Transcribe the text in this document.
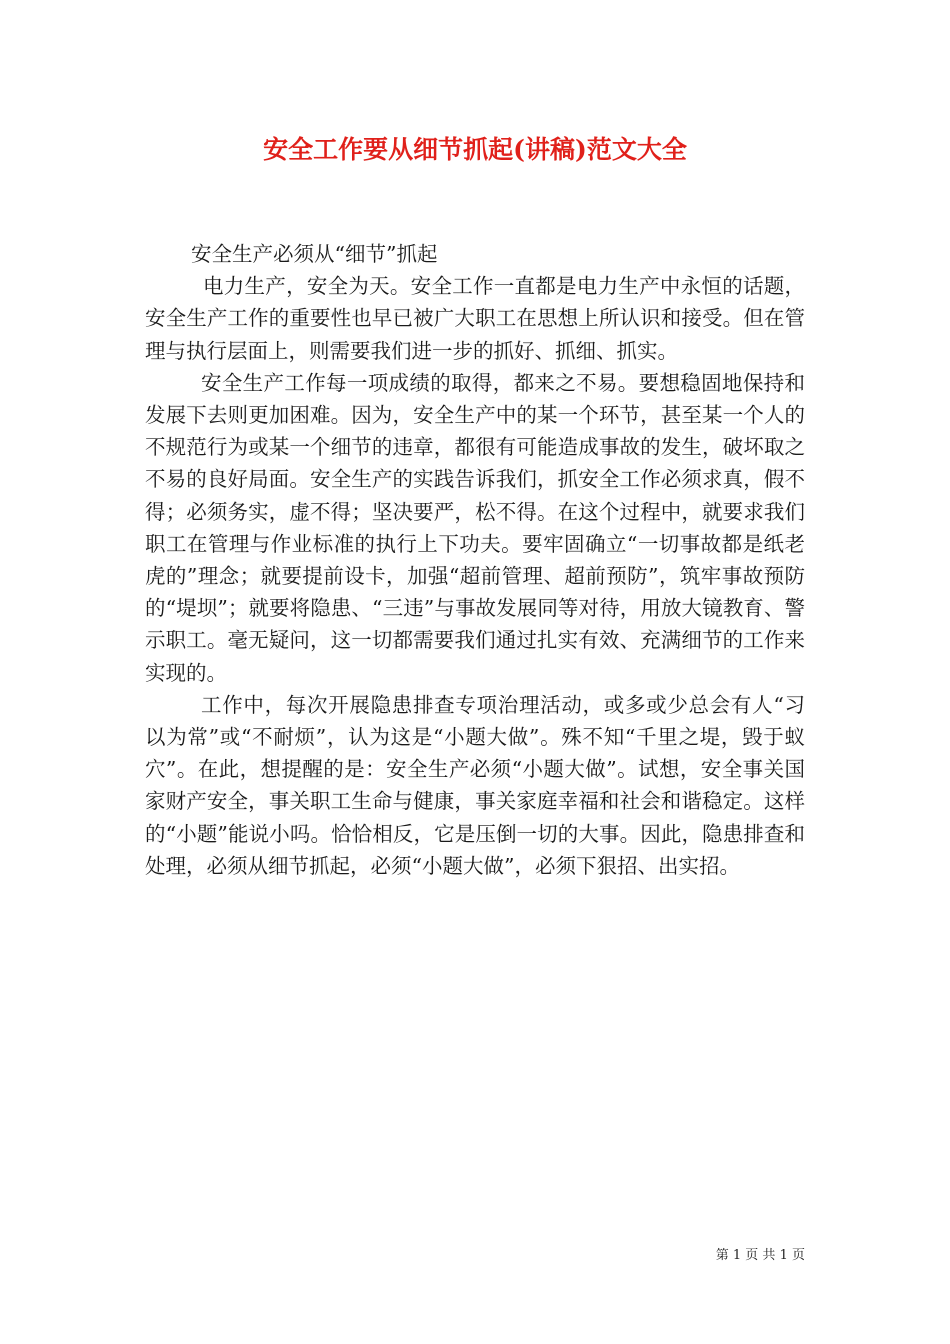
安全工作要从细节抓起(讲稿)范文大全

安全生产必须从“细节”抓起

电力生产，安全为天。安全工作一直都是电力生产中永恒的话题，安全生产工作的重要性也早已被广大职工在思想上所认识和接受。但在管理与执行层面上，则需要我们进一步的抓好、抓细、抓实。

安全生产工作每一项成绩的取得，都来之不易。要想稳固地保持和发展下去则更加困难。因为，安全生产中的某一个环节，甚至某一个人的不规范行为或某一个细节的违章，都很有可能造成事故的发生，破坏取之不易的良好局面。安全生产的实践告诉我们，抓安全工作必须求真，假不得；必须务实，虚不得；坚决要严，松不得。在这个过程中，就要求我们职工在管理与作业标准的执行上下功夫。要牢固确立“一切事故都是纸老虎的”理念；就要提前设卡，加强“超前管理、超前预防”，筑牢事故预防的“堤坝”；就要将隐患、“三违”与事故发展同等对待，用放大镜教育、警示职工。毫无疑问，这一切都需要我们通过扎实有效、充满细节的工作来实现的。

工作中，每次开展隐患排查专项治理活动，或多或少总会有人“习以为常”或“不耐烦”，认为这是“小题大做”。殊不知“千里之堤，毁于蚁穴”。在此，想提醒的是：安全生产必须“小题大做”。试想，安全事关国家财产安全，事关职工生命与健康，事关家庭幸福和社会和谐稳定。这样的“小题”能说小吗。恰恰相反，它是压倒一切的大事。因此，隐患排查和处理，必须从细节抓起，必须“小题大做”，必须下狠招、出实招。

第 1 页 共 1 页
